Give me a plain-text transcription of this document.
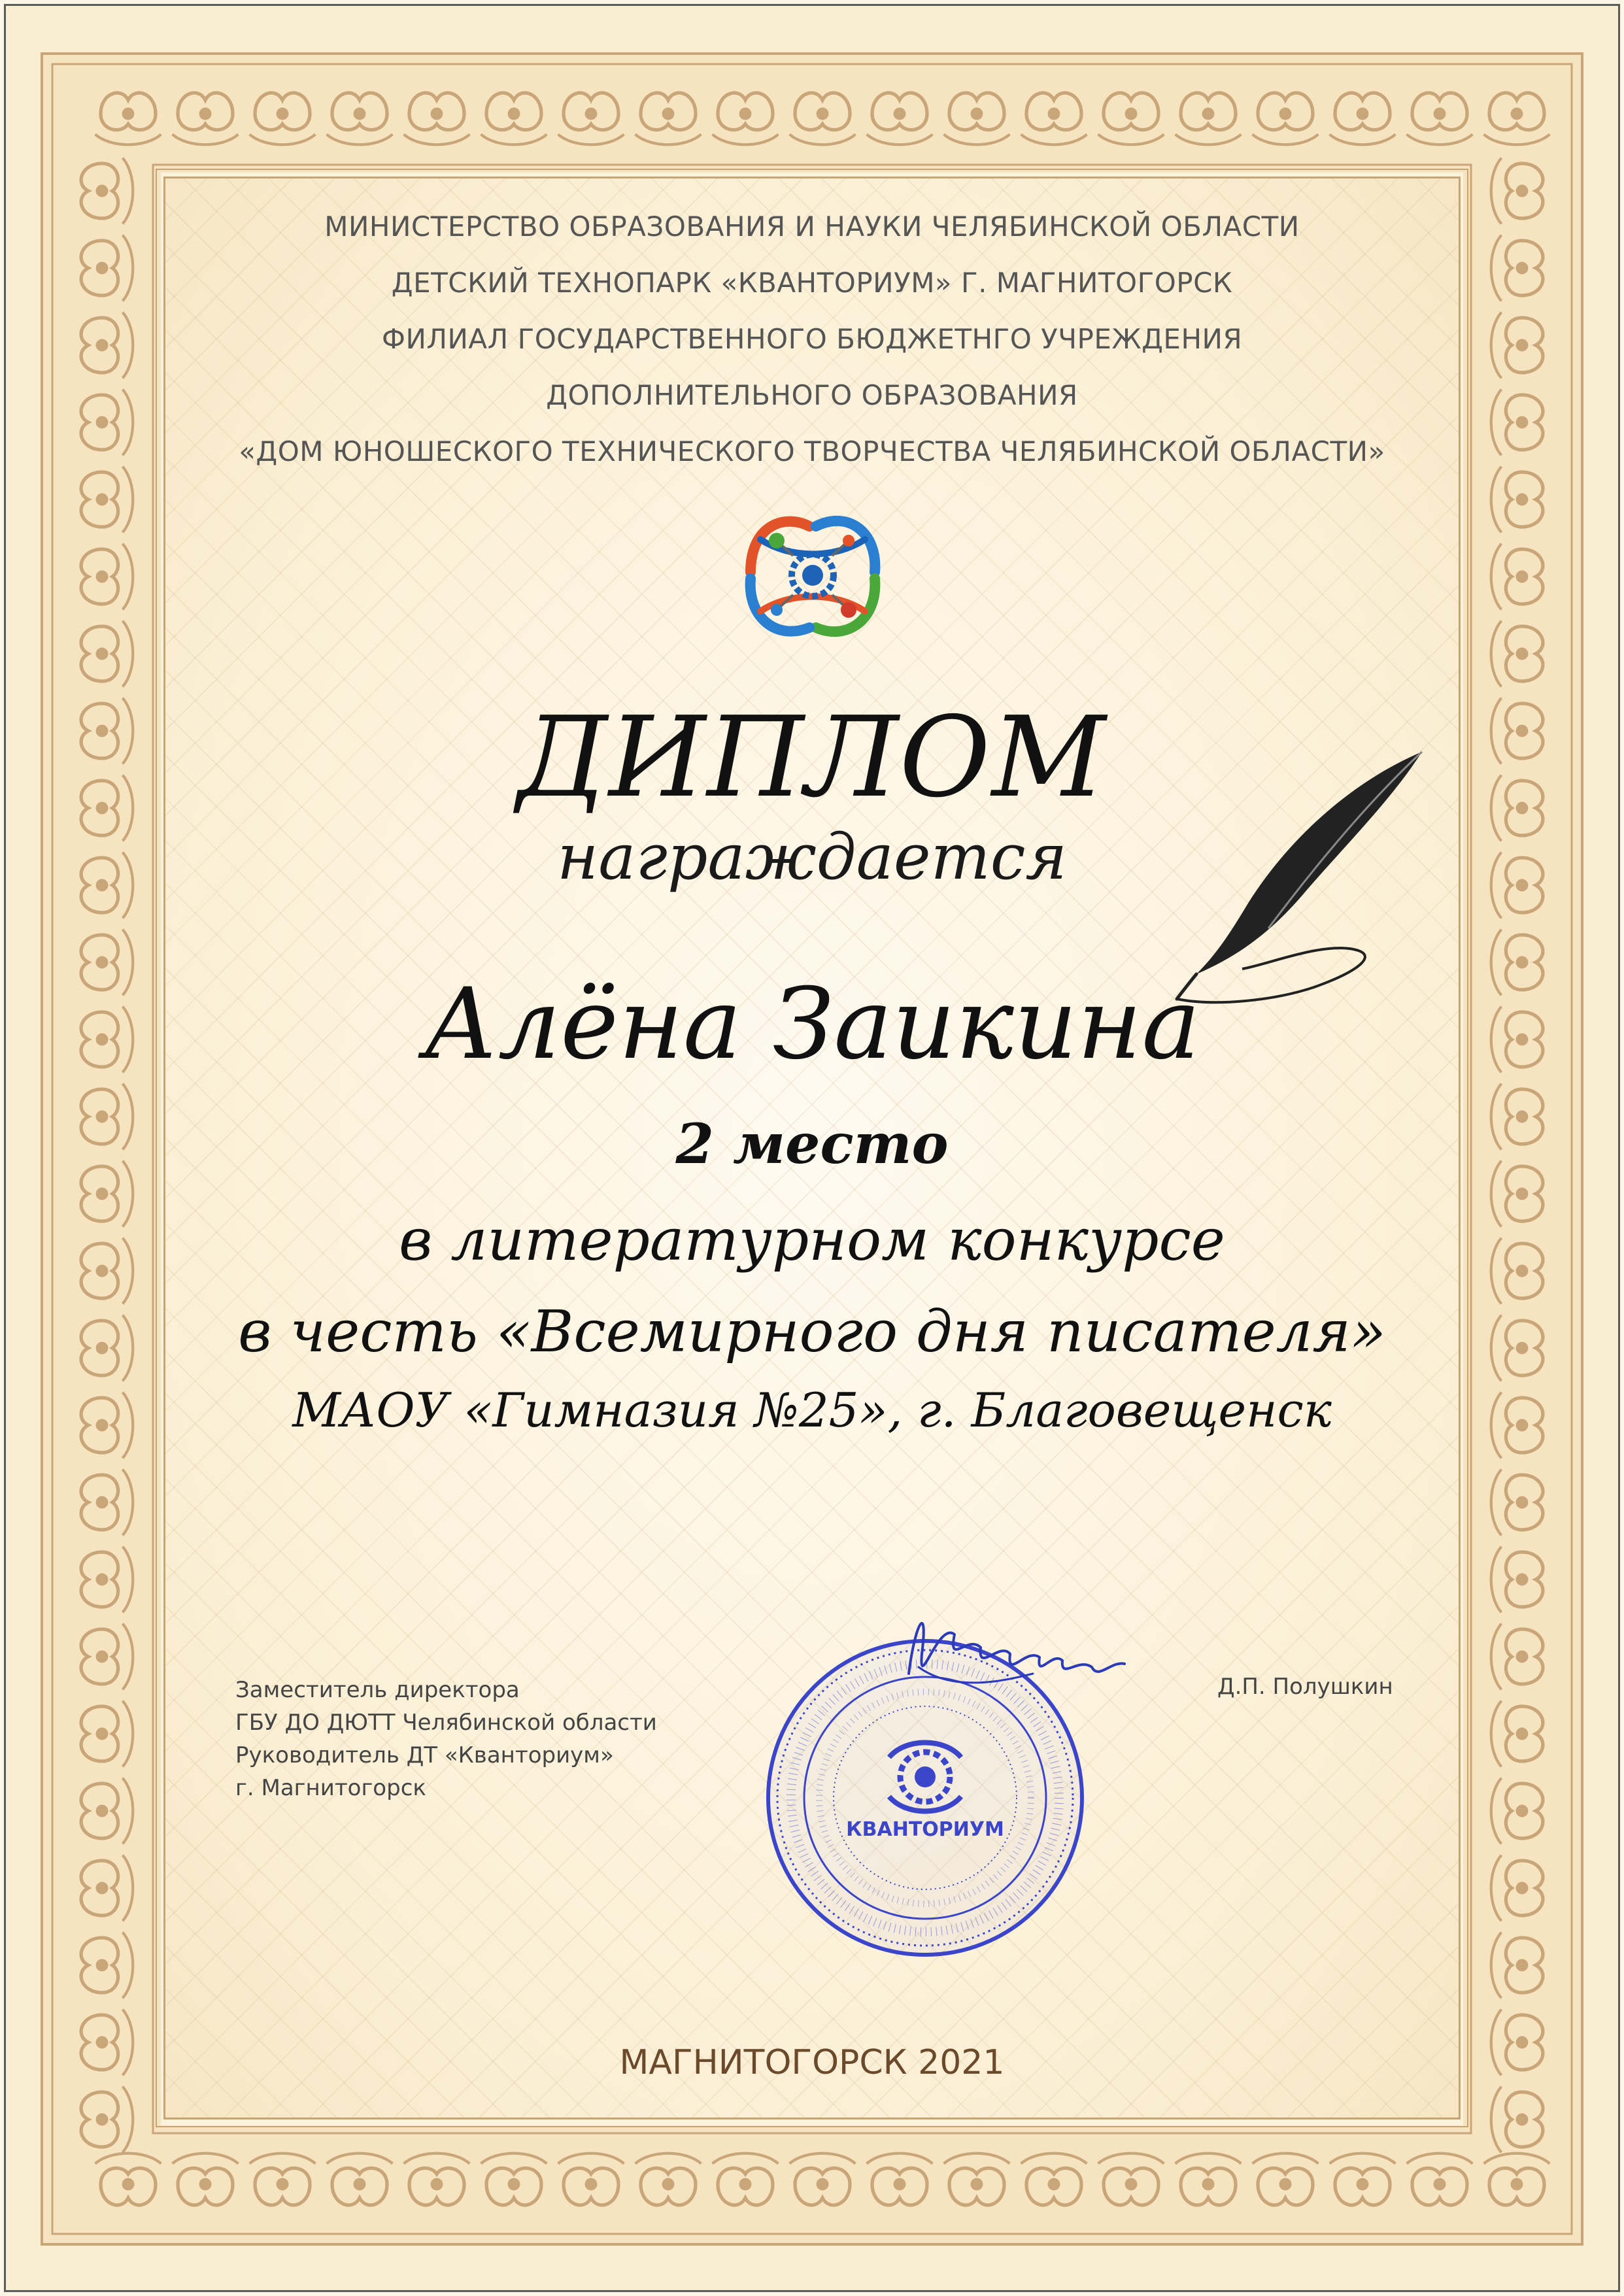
МИНИСТЕРСТВО ОБРАЗОВАНИЯ И НАУКИ ЧЕЛЯБИНСКОЙ ОБЛАСТИ
ДЕТСКИЙ ТЕХНОПАРК «КВАНТОРИУМ» Г. МАГНИТОГОРСК
ФИЛИАЛ ГОСУДАРСТВЕННОГО БЮДЖЕТНГО УЧРЕЖДЕНИЯ
ДОПОЛНИТЕЛЬНОГО ОБРАЗОВАНИЯ
«ДОМ ЮНОШЕСКОГО ТЕХНИЧЕСКОГО ТВОРЧЕСТВА ЧЕЛЯБИНСКОЙ ОБЛАСТИ»
ДИПЛОМ
награждается
Алёна Заикина
2 место
в литературном конкурсе
в честь «Всемирного дня писателя»
МАОУ «Гимназия №25», г. Благовещенск
Заместитель директора
ГБУ ДО ДЮТТ Челябинской области
Руководитель ДТ «Кванториум»
г. Магнитогорск
Д.П. Полушкин
КВАНТОРИУМ
МАГНИТОГОРСК 2021
